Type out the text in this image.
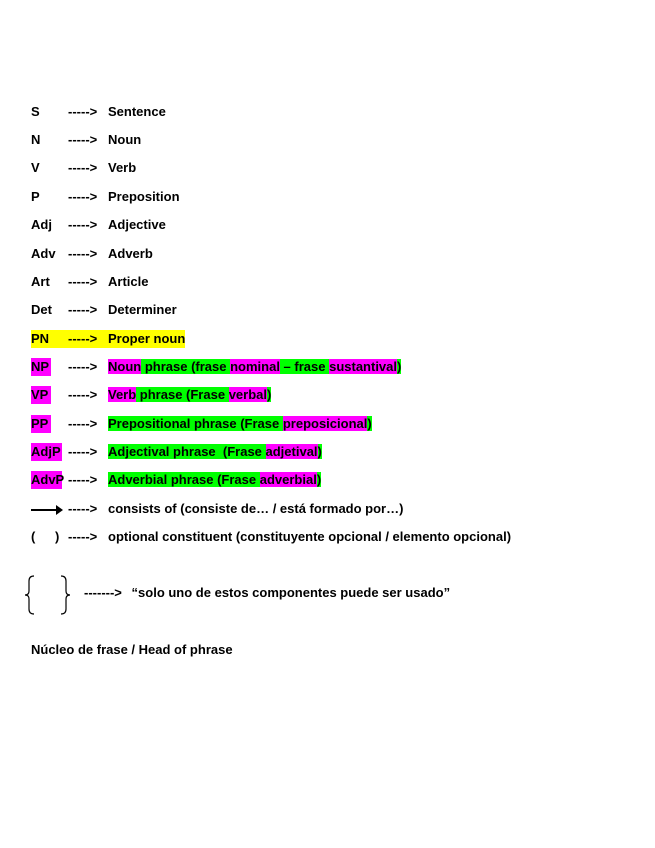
S	-----> Sentence
N	-----> Noun
V	-----> Verb
P	-----> Preposition
Adj	-----> Adjective
Adv -----> Adverb
Art	-----> Article
Det	-----> Determiner
PN	-----> Proper noun
NP -----> Noun phrase (frase nominal – frase sustantival)
VP -----> Verb phrase (Frase verbal)
PP -----> Prepositional phrase (Frase preposicional)
AdjP -----> Adjectival phrase  (Frase adjetival)
AdvP -----> Adverbial phrase (Frase adverbial)
-----> consists of (consiste de… / está formado por…)
( ) -----> optional constituent (constituyente opcional / elemento opcional)
-------> “solo uno de estos componentes puede ser usado”
Núcleo de frase / Head of phrase
